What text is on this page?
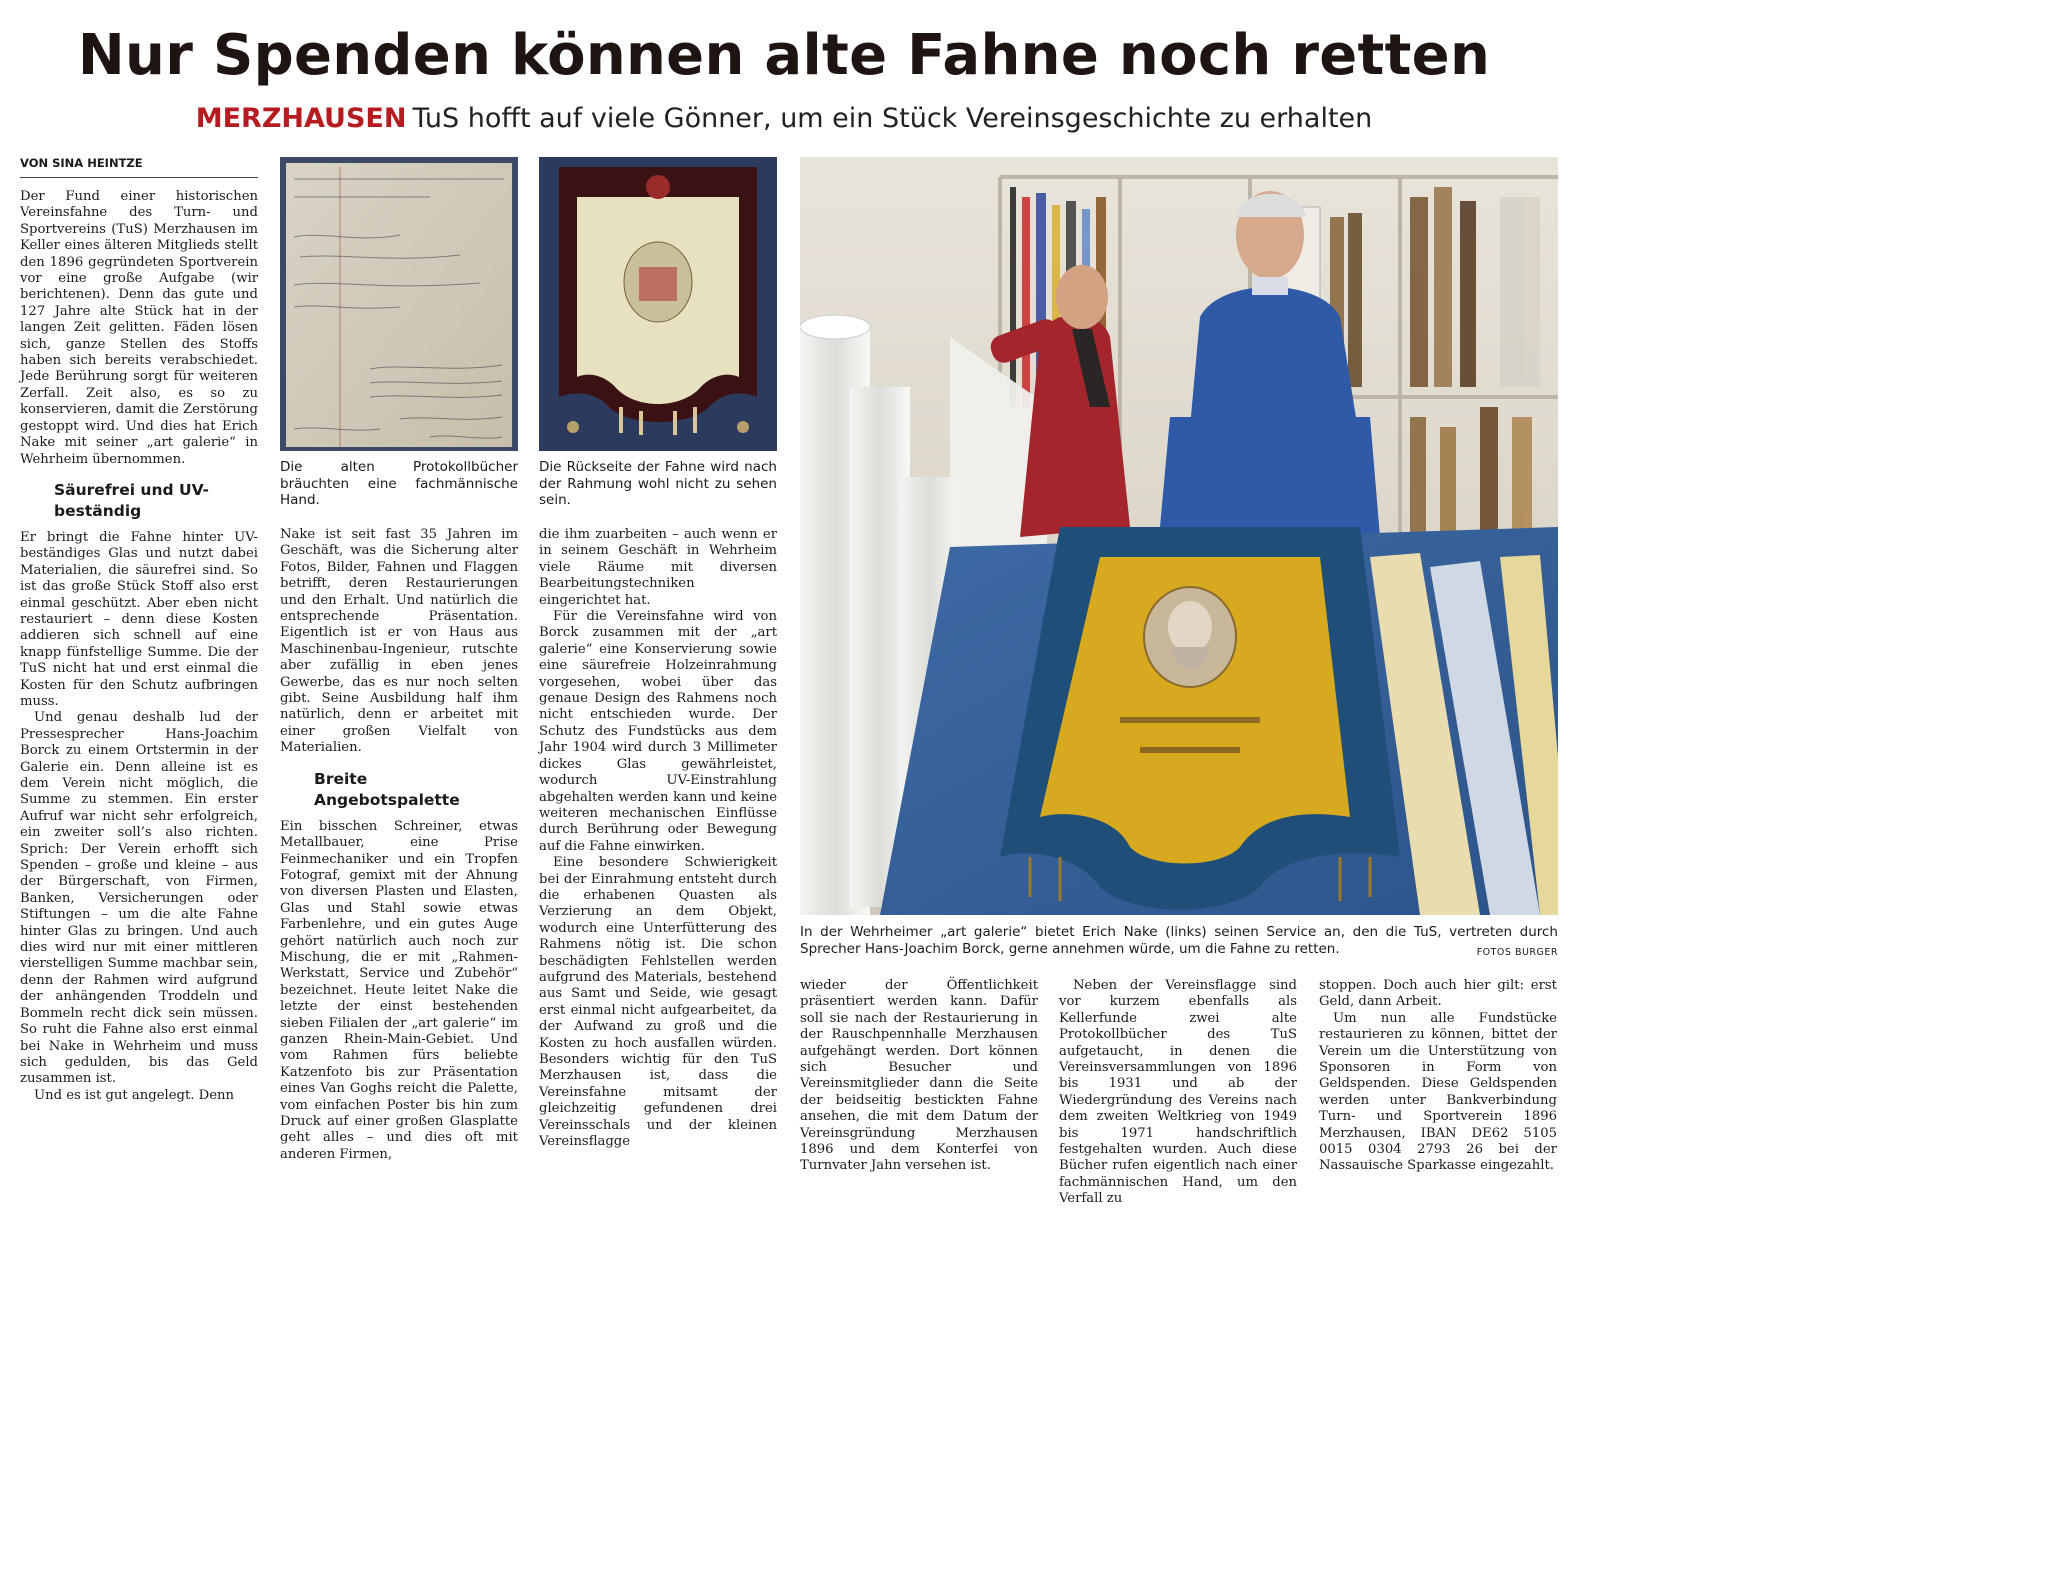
Nur Spenden können alte Fahne noch retten
MERZHAUSEN TuS hofft auf viele Gönner, um ein Stück Vereinsgeschichte zu erhalten
VON SINA HEINTZE

Der Fund einer historischen Vereinsfahne des Turn- und Sportvereins (TuS) Merzhausen im Keller eines älteren Mitglieds stellt den 1896 gegründeten Sportverein vor eine große Aufgabe (wir berichtenen). Denn das gute und 127 Jahre alte Stück hat in der langen Zeit gelitten. Fäden lösen sich, ganze Stellen des Stoffs haben sich bereits verabschiedet. Jede Berührung sorgt für weiteren Zerfall. Zeit also, es so zu konservieren, damit die Zerstörung gestoppt wird. Und dies hat Erich Nake mit seiner „art galerie“ in Wehrheim übernommen.

Säurefrei und UV-beständig

Er bringt die Fahne hinter UV-beständiges Glas und nutzt dabei Materialien, die säurefrei sind. So ist das große Stück Stoff also erst einmal geschützt. Aber eben nicht restauriert – denn diese Kosten addieren sich schnell auf eine knapp fünfstellige Summe. Die der TuS nicht hat und erst einmal die Kosten für den Schutz aufbringen muss.

Und genau deshalb lud der Pressesprecher Hans-Joachim Borck zu einem Ortstermin in der Galerie ein. Denn alleine ist es dem Verein nicht möglich, die Summe zu stemmen. Ein erster Aufruf war nicht sehr erfolgreich, ein zweiter soll’s also richten. Sprich: Der Verein erhofft sich Spenden – große und kleine – aus der Bürgerschaft, von Firmen, Banken, Versicherungen oder Stiftungen – um die alte Fahne hinter Glas zu bringen. Und auch dies wird nur mit einer mittleren vierstelligen Summe machbar sein, denn der Rahmen wird aufgrund der anhängenden Troddeln und Bommeln recht dick sein müssen. So ruht die Fahne also erst einmal bei Nake in Wehrheim und muss sich gedulden, bis das Geld zusammen ist.

Und es ist gut angelegt. Denn

Die alten Protokollbücher bräuchten eine fachmännische Hand.

Nake ist seit fast 35 Jahren im Geschäft, was die Sicherung alter Fotos, Bilder, Fahnen und Flaggen betrifft, deren Restaurierungen und den Erhalt. Und natürlich die entsprechende Präsentation. Eigentlich ist er von Haus aus Maschinenbau-Ingenieur, rutschte aber zufällig in eben jenes Gewerbe, das es nur noch selten gibt. Seine Ausbildung half ihm natürlich, denn er arbeitet mit einer großen Vielfalt von Materialien.

Breite Angebotspalette

Ein bisschen Schreiner, etwas Metallbauer, eine Prise Feinmechaniker und ein Tropfen Fotograf, gemixt mit der Ahnung von diversen Plasten und Elasten, Glas und Stahl sowie etwas Farbenlehre, und ein gutes Auge gehört natürlich auch noch zur Mischung, die er mit „Rahmen-Werkstatt, Service und Zubehör“ bezeichnet. Heute leitet Nake die letzte der einst bestehenden sieben Filialen der „art galerie“ im ganzen Rhein-Main-Gebiet. Und vom Rahmen fürs beliebte Katzenfoto bis zur Präsentation eines Van Goghs reicht die Palette, vom einfachen Poster bis hin zum Druck auf einer großen Glasplatte geht alles – und dies oft mit anderen Firmen,

Die Rückseite der Fahne wird nach der Rahmung wohl nicht zu sehen sein.

die ihm zuarbeiten – auch wenn er in seinem Geschäft in Wehrheim viele Räume mit diversen Bearbeitungstechniken eingerichtet hat.

Für die Vereinsfahne wird von Borck zusammen mit der „art galerie“ eine Konservierung sowie eine säurefreie Holzeinrahmung vorgesehen, wobei über das genaue Design des Rahmens noch nicht entschieden wurde. Der Schutz des Fundstücks aus dem Jahr 1904 wird durch 3 Millimeter dickes Glas gewährleistet, wodurch UV-Einstrahlung abgehalten werden kann und keine weiteren mechanischen Einflüsse durch Berührung oder Bewegung auf die Fahne einwirken.

Eine besondere Schwierigkeit bei der Einrahmung entsteht durch die erhabenen Quasten als Verzierung an dem Objekt, wodurch eine Unterfütterung des Rahmens nötig ist. Die schon beschädigten Fehlstellen werden aufgrund des Materials, bestehend aus Samt und Seide, wie gesagt erst einmal nicht aufgearbeitet, da der Aufwand zu groß und die Kosten zu hoch ausfallen würden. Besonders wichtig für den TuS Merzhausen ist, dass die Vereinsfahne mitsamt der gleichzeitig gefundenen drei Vereinsschals und der kleinen Vereinsflagge

In der Wehrheimer „art galerie“ bietet Erich Nake (links) seinen Service an, den die TuS, vertreten durch Sprecher Hans-Joachim Borck, gerne annehmen würde, um die Fahne zu retten.	FOTOS BURGER

wieder der Öffentlichkeit präsentiert werden kann. Dafür soll sie nach der Restaurierung in der Rauschpennhalle Merzhausen aufgehängt werden. Dort können sich Besucher und Vereinsmitglieder dann die Seite der beidseitig bestickten Fahne ansehen, die mit dem Datum der Vereinsgründung Merzhausen 1896 und dem Konterfei von Turnvater Jahn versehen ist.

Neben der Vereinsflagge sind vor kurzem ebenfalls als Kellerfunde zwei alte Protokollbücher des TuS aufgetaucht, in denen die Vereinsversammlungen von 1896 bis 1931 und ab der Wiedergründung des Vereins nach dem zweiten Weltkrieg von 1949 bis 1971 handschriftlich festgehalten wurden. Auch diese Bücher rufen eigentlich nach einer fachmännischen Hand, um den Verfall zu

stoppen. Doch auch hier gilt: erst Geld, dann Arbeit.

Um nun alle Fundstücke restaurieren zu können, bittet der Verein um die Unterstützung von Sponsoren in Form von Geldspenden. Diese Geldspenden werden unter Bankverbindung Turn- und Sportverein 1896 Merzhausen, IBAN DE62 5105 0015 0304 2793 26 bei der Nassauische Sparkasse eingezahlt.
